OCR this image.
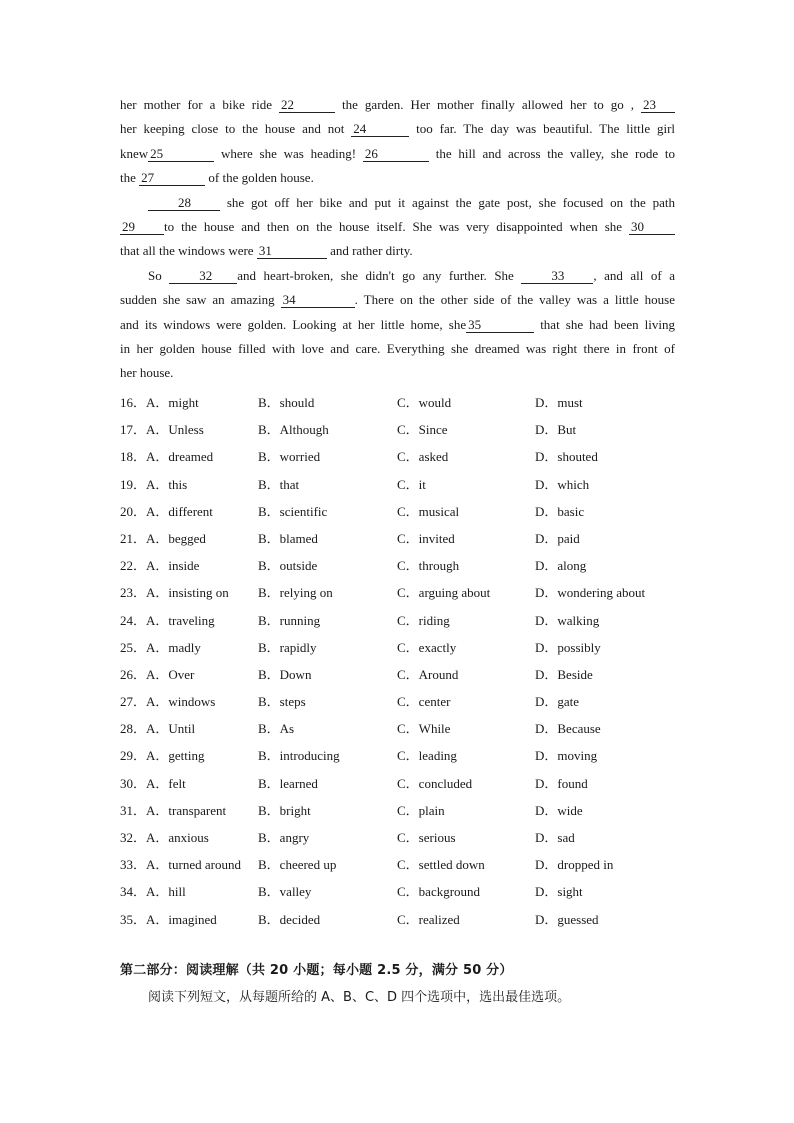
her mother for a bike ride 22	the garden. Her mother finally allowed her to go , 23

her keeping close to the house and not 24	too far. The day was beautiful. The little girl

knew 25	where she was heading! 26	the hill and across the valley, she rode to

the 27	of the golden house.

28	she got off her bike and put it against the gate post, she focused on the path

29 to the house and then on the house itself. She was very disappointed when she 30

that all the windows were 31	and rather dirty.

So	32 and heart-broken, she didn't go any further. She	33 , and all of a

sudden she saw an amazing 34	. There on the other side of the valley was a little house

and its windows were golden. Looking at her little home, she 35	that she had been living

in her golden house filled with love and care. Everything she dreamed was right there in front of

her house.

16．A．might	B．should	C．would	D．must
17．A．Unless	B．Although	C．Since	D．But
18．A．dreamed	B．worried	C．asked	D．shouted
19．A．this	B．that	C．it	D．which
20．A．different	B．scientific	C．musical	D．basic
21．A．begged	B．blamed	C．invited	D．paid
22．A．inside	B．outside	C．through	D．along
23．A．insisting on B．relying on	C．arguing about	D．wondering about
24．A．traveling	B．running	C．riding	D．walking
25．A．madly	B．rapidly	C．exactly	D．possibly
26．A．Over	B．Down	C．Around	D．Beside
27．A．windows	B．steps	C．center	D．gate
28．A．Until	B．As	C．While	D．Because
29．A．getting	B．introducing	C．leading	D．moving
30．A．felt	B．learned	C．concluded	D．found
31．A．transparent B．bright	C．plain	D．wide
32．A．anxious	B．angry	C．serious	D．sad
33．A．turned around B．cheered up	C．settled down	D．dropped in
34．A．hill	B．valley	C．background	D．sight
35．A．imagined	B．decided	C．realized	D．guessed
第二部分：阅读理解（共 20 小题；每小题 2.5 分，满分 50 分）
阅读下列短文，从每题所给的 A、B、C、D 四个选项中，选出最佳选项。
